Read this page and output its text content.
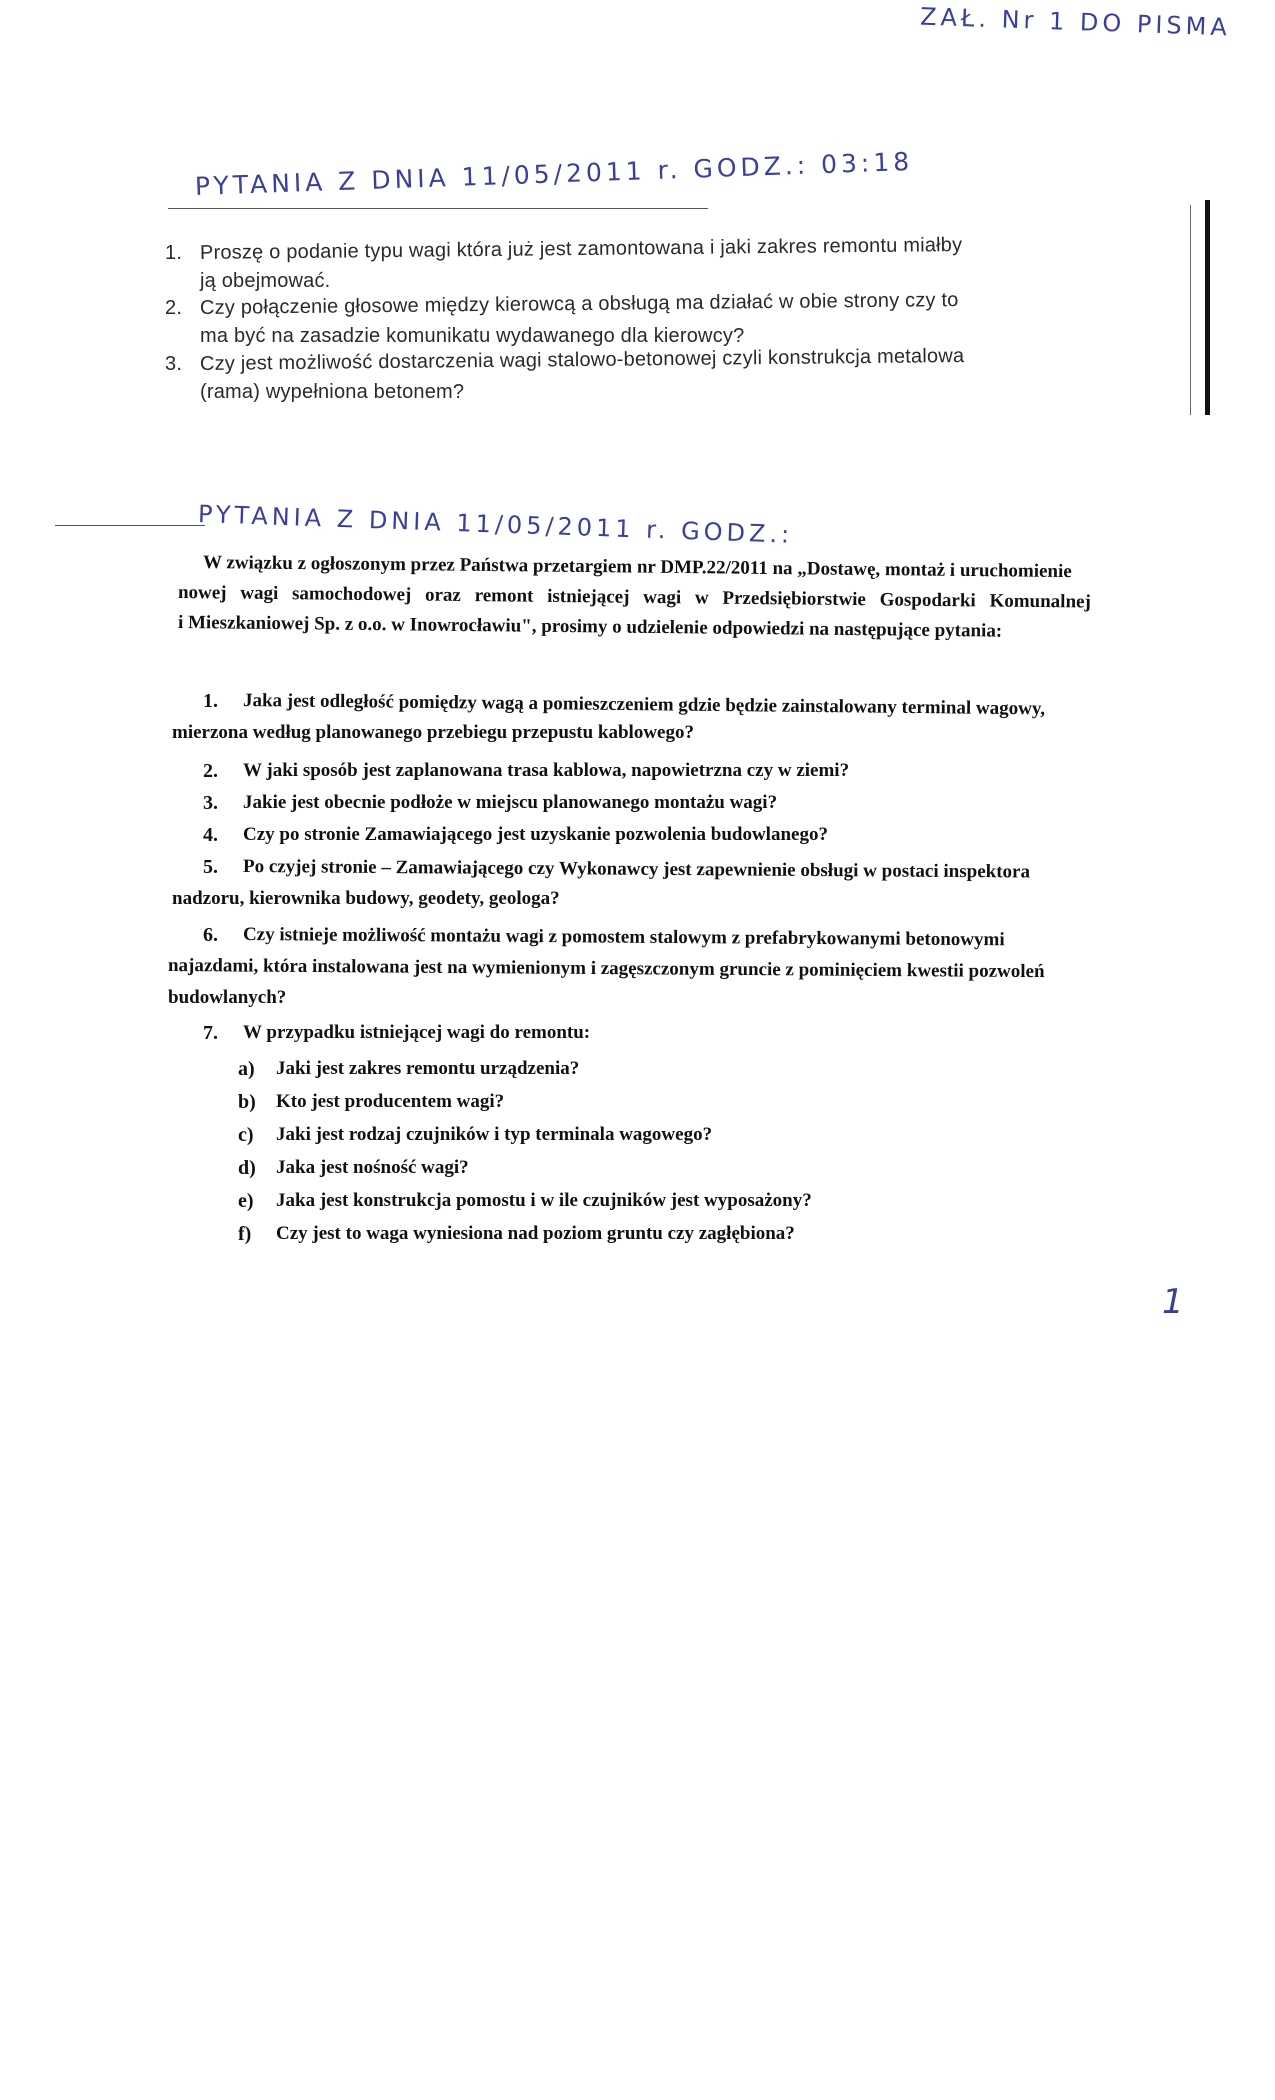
ZAŁ. Nr 1 DO PISMA
PYTANIA Z DNIA 11/05/2011 r. GODZ.: 03:18
1. Proszę o podanie typu wagi która już jest zamontowana i jaki zakres remontu miałby
ją obejmować.
2. Czy połączenie głosowe między kierowcą a obsługą ma działać w obie strony czy to
ma być na zasadzie komunikatu wydawanego dla kierowcy?
3. Czy jest możliwość dostarczenia wagi stalowo-betonowej czyli konstrukcja metalowa
(rama) wypełniona betonem?
PYTANIA Z DNIA 11/05/2011 r. GODZ.:
W związku z ogłoszonym przez Państwa przetargiem nr DMP.22/2011 na „Dostawę, montaż i uruchomienie
nowej wagi samochodowej oraz remont istniejącej wagi w Przedsiębiorstwie Gospodarki Komunalnej
i Mieszkaniowej Sp. z o.o. w Inowrocławiu", prosimy o udzielenie odpowiedzi na następujące pytania:
1. Jaka jest odległość pomiędzy wagą a pomieszczeniem gdzie będzie zainstalowany terminal wagowy,
mierzona według planowanego przebiegu przepustu kablowego?
2. W jaki sposób jest zaplanowana trasa kablowa, napowietrzna czy w ziemi?
3. Jakie jest obecnie podłoże w miejscu planowanego montażu wagi?
4. Czy po stronie Zamawiającego jest uzyskanie pozwolenia budowlanego?
5. Po czyjej stronie – Zamawiającego czy Wykonawcy jest zapewnienie obsługi w postaci inspektora
nadzoru, kierownika budowy, geodety, geologa?
6. Czy istnieje możliwość montażu wagi z pomostem stalowym z prefabrykowanymi betonowymi
najazdami, która instalowana jest na wymienionym i zagęszczonym gruncie z pominięciem kwestii pozwoleń
budowlanych?
7. W przypadku istniejącej wagi do remontu:
a) Jaki jest zakres remontu urządzenia?
b) Kto jest producentem wagi?
c) Jaki jest rodzaj czujników i typ terminala wagowego?
d) Jaka jest nośność wagi?
e) Jaka jest konstrukcja pomostu i w ile czujników jest wyposażony?
f) Czy jest to waga wyniesiona nad poziom gruntu czy zagłębiona?
1
